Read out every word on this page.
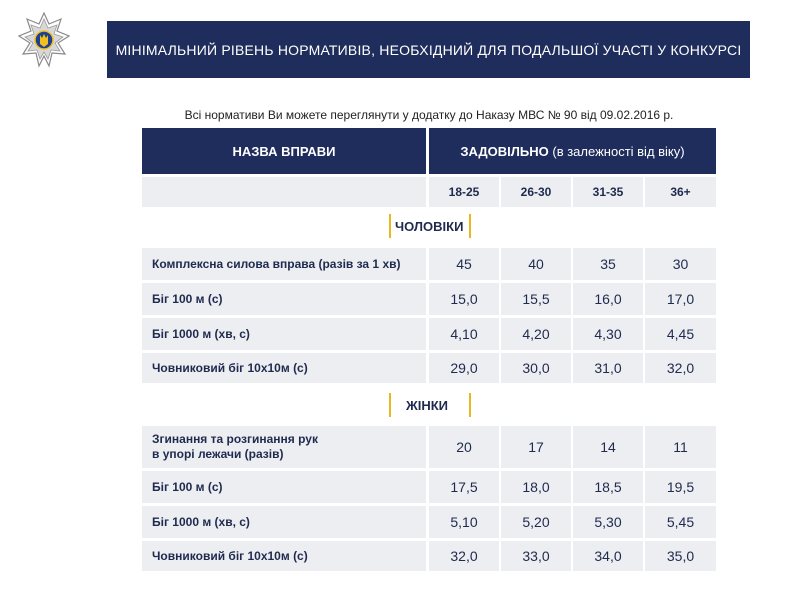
МІНІМАЛЬНИЙ РІВЕНЬ НОРМАТИВІВ, НЕОБХІДНИЙ ДЛЯ ПОДАЛЬШОЇ УЧАСТІ У КОНКУРСІ
Всі нормативи Ви можете переглянути у додатку до Наказу МВС № 90 від 09.02.2016 р.
НАЗВА ВПРАВИ	ЗАДОВІЛЬНО (в залежності від віку)
18-25	26-30	31-35	36+
ЧОЛОВІКИ
Комплексна силова вправа (разів за 1 хв)	45	40	35	30
Біг 100 м (с)	15,0	15,5	16,0	17,0
Біг 1000 м (хв, с)	4,10	4,20	4,30	4,45
Човниковий біг 10х10м (с)	29,0	30,0	31,0	32,0
ЖІНКИ
Згинання та розгинання рук
в упорі лежачи (разів)	20	17	14	11
Біг 100 м (с)	17,5	18,0	18,5	19,5
Біг 1000 м (хв, с)	5,10	5,20	5,30	5,45
Човниковий біг 10х10м (с)	32,0	33,0	34,0	35,0
